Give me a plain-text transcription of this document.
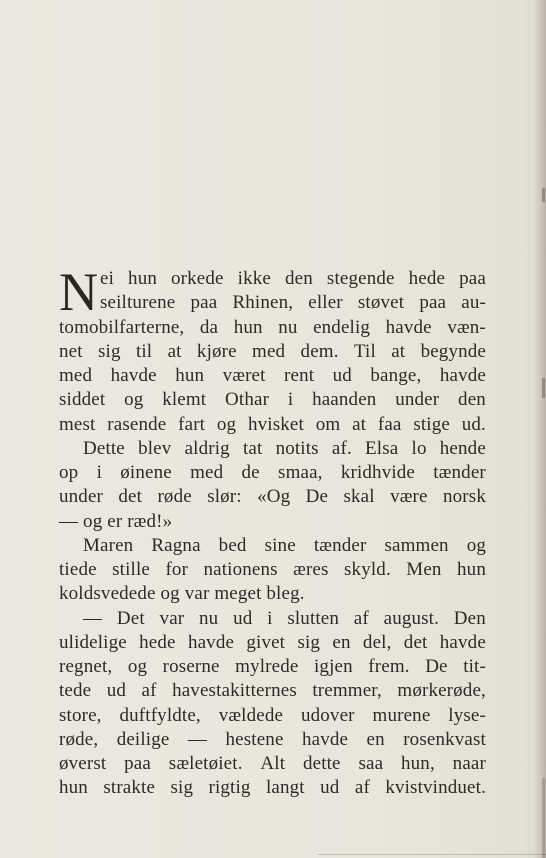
N ei hun orkede ikke den stegende hede paa
seilturene paa Rhinen, eller støvet paa au-
tomobilfarterne, da hun nu endelig havde væn-
net sig til at kjøre med dem. Til at begynde
med havde hun været rent ud bange, havde
siddet og klemt Othar i haanden under den
mest rasende fart og hvisket om at faa stige ud.
Dette blev aldrig tat notits af. Elsa lo hende
op i øinene med de smaa, kridhvide tænder
under det røde slør: «Og De skal være norsk
— og er ræd!»
Maren Ragna bed sine tænder sammen og
tiede stille for nationens æres skyld. Men hun
koldsvedede og var meget bleg.
— Det var nu ud i slutten af august. Den
ulidelige hede havde givet sig en del, det havde
regnet, og roserne mylrede igjen frem. De tit-
tede ud af havestakitternes tremmer, mørkerøde,
store, duftfyldte, vældede udover murene lyse-
røde, deilige — hestene havde en rosenkvast
øverst paa sæletøiet. Alt dette saa hun, naar
hun strakte sig rigtig langt ud af kvistvinduet.
